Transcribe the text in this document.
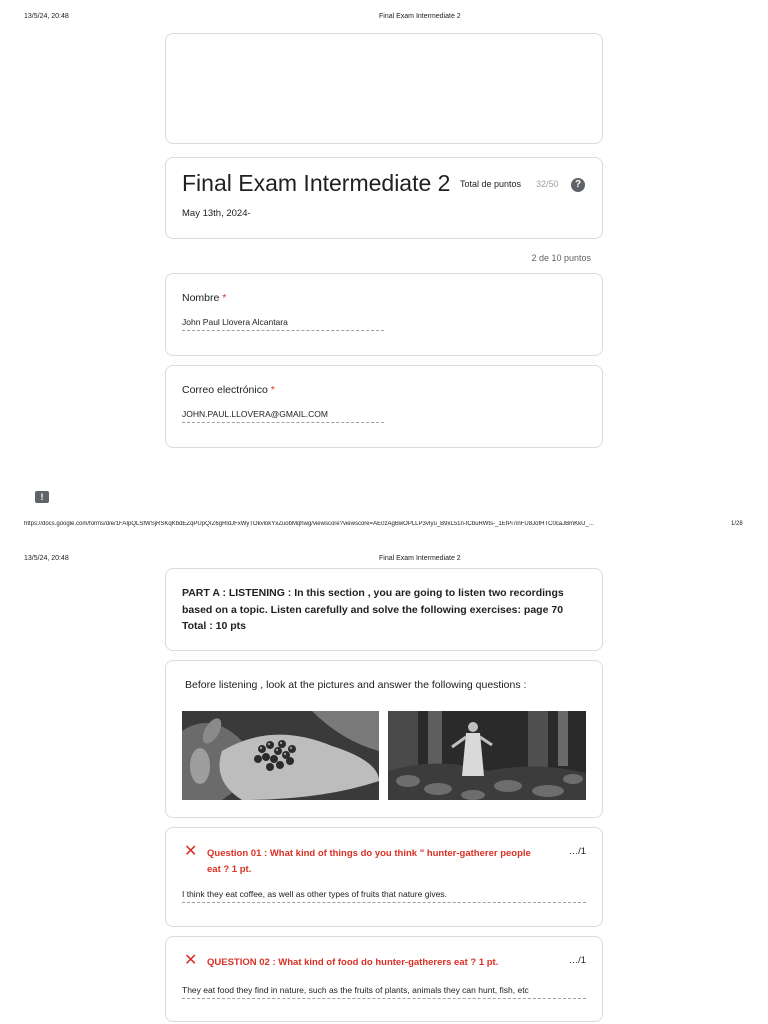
13/5/24, 20:48	Final Exam Intermediate 2
Final Exam Intermediate 2
May 13th, 2024-
Total de puntos 32/50	?
2 de 10 puntos
Nombre *
John Paul Llovera Alcantara
Correo electrónico *
JOHN.PAUL.LLOVERA@GMAIL.COM
!
https://docs.google.com/forms/d/e/1FAIpQLSfWSjRSKqKbdEZqPUpQrZ6gRldJFxWyTOkvlokYxZuobMqhwg/viewscore?viewscore=AE0zAgBwOPLLP3vIyu_B9xL51n-tCbuRWts-_1EfPi7inFU8JofHTC0caJBmKkU_...	1/28
13/5/24, 20:48	Final Exam Intermediate 2
PART A : LISTENING : In this section , you are going to listen two recordings
based on a topic. Listen carefully and solve the following exercises: page 70
Total : 10 pts
Before listening , look at the pictures and answer the following questions :
✕ Question 01 : What kind of things do you think " hunter-gatherer people
eat ? 1 pt.
…/1
I think they eat coffee, as well as other types of fruits that nature gives.
✕ QUESTION 02 : What kind of food do hunter-gatherers eat ? 1 pt.	…/1
They eat food they find in nature, such as the fruits of plants, animals they can hunt, fish, etc
